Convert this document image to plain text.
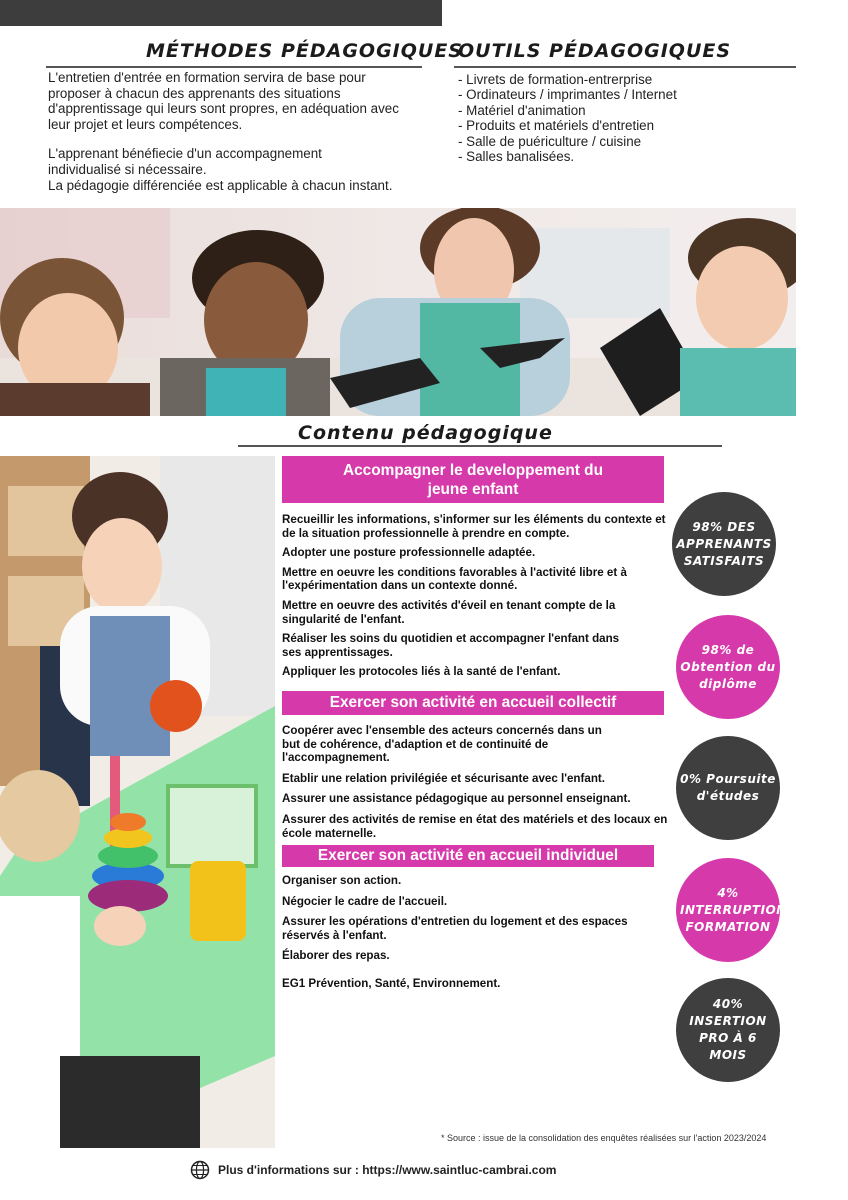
MÉTHODES PÉDAGOGIQUES

L'entretien d'entrée en formation servira de base pour proposer à chacun des apprenants des situations d'apprentissage qui leurs sont propres, en adéquation avec leur projet et leurs compétences.

L'apprenant bénéfiecie d'un accompagnement individualisé si nécessaire.

La pédagogie différenciée est applicable à chacun instant.

OUTILS PÉDAGOGIQUES
- Livrets de formation-entrerprise
- Ordinateurs / imprimantes / Internet
- Matériel d'animation
- Produits et matériels d'entretien
- Salle de puériculture / cuisine
- Salles banalisées.
Contenu pédagogique
Accompagner le developpement du jeune enfant

Recueillir les informations, s'informer sur les éléments du contexte et de la situation professionnelle à prendre en compte.

Adopter une posture professionnelle adaptée.

Mettre en oeuvre les conditions favorables à l'activité libre et à l'expérimentation dans un contexte donné.

Mettre en oeuvre des activités d'éveil en tenant compte de la singularité de l'enfant.

Réaliser les soins du quotidien et accompagner l'enfant dans ses apprentissages.

Appliquer les protocoles liés à la santé de l'enfant.

Exercer son activité en accueil collectif

Coopérer avec l'ensemble des acteurs concernés dans un but de cohérence, d'adaption et de continuité de l'accompagnement.

Etablir une relation privilégiée et sécurisante avec l'enfant.

Assurer une assistance pédagogique au personnel enseignant.

Assurer des activités de remise en état des matériels et des locaux en école maternelle.

Exercer son activité en accueil individuel

Organiser son action.

Négocier le cadre de l'accueil.

Assurer les opérations d'entretien du logement et des espaces réservés à l'enfant.

Élaborer des repas.

EG1 Prévention, Santé, Environnement.

98% DES APPRENANTS SATISFAITS
98% de Obtention du diplôme
0% Poursuite d'études
4% INTERRUPTION FORMATION
40% INSERTION PRO À 6 MOIS
* Source : issue de la consolidation des enquêtes réalisées sur l'action 2023/2024
Plus d'informations sur : https://www.saintluc-cambrai.com
